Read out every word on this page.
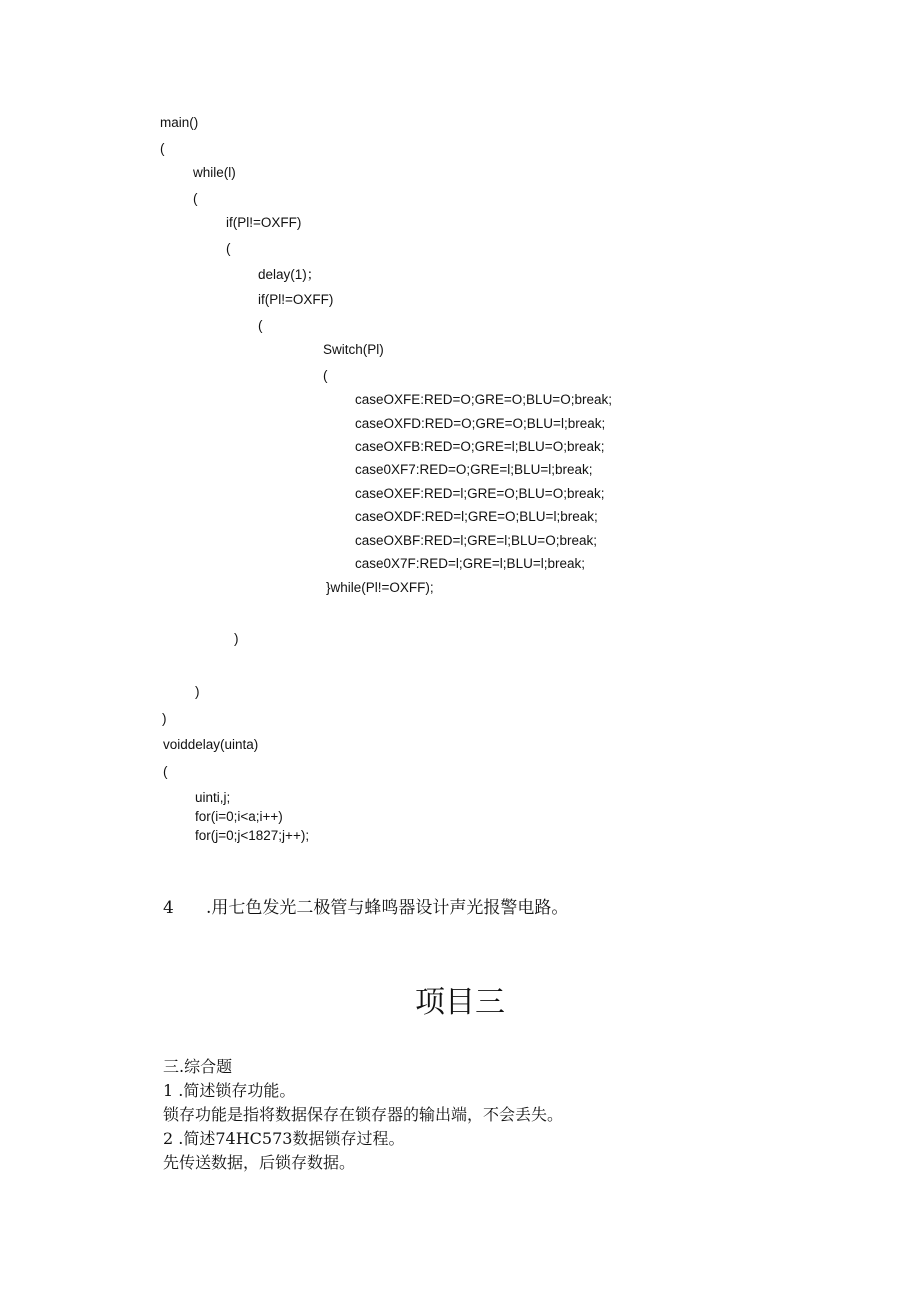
main()
(
while(l)
(
if(Pl!=OXFF)
(
delay(1)；
if(Pl!=OXFF)
(
Switch(Pl)
(
caseOXFE:RED=O;GRE=O;BLU=O;break;
caseOXFD:RED=O;GRE=O;BLU=l;break;
caseOXFB:RED=O;GRE=l;BLU=O;break;
case0XF7:RED=O;GRE=l;BLU=l;break;
caseOXEF:RED=l;GRE=O;BLU=O;break;
caseOXDF:RED=l;GRE=O;BLU=l;break;
caseOXBF:RED=l;GRE=l;BLU=O;break;
case0X7F:RED=l;GRE=l;BLU=l;break;
}while(Pl!=OXFF);
)
)
)
voiddelay(uinta)
(
uinti,j;
for(i=0;i<a;i++)
for(j=0;j<1827;j++);
4 .用七色发光二极管与蜂鸣器设计声光报警电路。
项目三
三.综合题
1 .简述锁存功能。
锁存功能是指将数据保存在锁存器的输出端，不会丢失。
2 .简述74HC573数据锁存过程。
先传送数据，后锁存数据。
